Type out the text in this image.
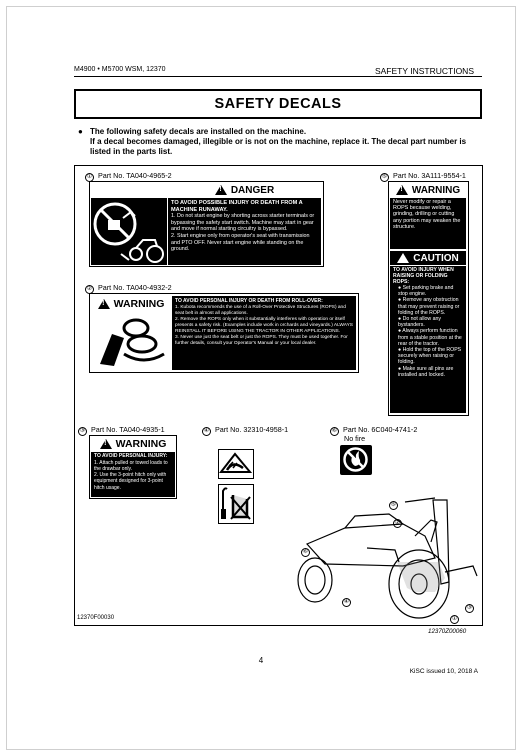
M4900 • M5700 WSM, 12370	SAFETY INSTRUCTIONS
SAFETY DECALS
● The following safety decals are installed on the machine.
If a decal becomes damaged, illegible or is not on the machine, replace it. The decal part number is listed in the parts list.
① Part No. TA040-4965-2
!
DANGER
TO AVOID POSSIBLE INJURY OR DEATH FROM A MACHINE RUNAWAY.
1. Do not start engine by shorting across starter terminals or bypassing the safety start switch. Machine may start in gear and move if normal starting circuitry is bypassed.
2. Start engine only from operator's seat with transmission and PTO OFF. Never start engine while standing on the ground.
② Part No. TA040-4932-2
!
WARNING TO AVOID PERSONAL INJURY OR DEATH FROM ROLL-OVER:
1. Kubota recommends the use of a Roll-Over Protective Structures (ROPS) and seat belt in almost all applications.
2. Remove the ROPS only when it substantially interferes with operation or itself presents a safety risk. (Examples include work in orchards and vineyards.) ALWAYS REINSTALL IT BEFORE USING THE TRACTOR IN OTHER APPLICATIONS.
3. Never use just the seat belt or just the ROPS. They must be used together. For further details, consult your Operator's Manual or your local dealer.
③ Part No. TA040-4935-1
!
WARNING
TO AVOID PERSONAL INJURY:
1. Attach pulled or towed loads to the drawbar only.
2. Use the 3-point hitch only with equipment designed for 3-point hitch usage.
④ Part No. 32310-4958-1	⑥ Part No. 6C040-4741-2
No fire
⑤ Part No. 3A111-9554-1
!
WARNING
Never modify or repair a ROPS because welding, grinding, drilling or cutting any portion may weaken the structure.
!
CAUTION
TO AVOID INJURY WHEN RAISING OR FOLDING ROPS:
● Set parking brake and stop engine.
● Remove any obstruction that may prevent raising or folding of the ROPS.
● Do not allow any bystanders.
● Always perform function from a stable position at the rear of the tractor.
● Hold the top of the ROPS securely when raising or folding.
● Make sure all pins are installed and locked.
⑤
②
⑥
④
③
①
12370F00030
12370Z00060
4
KiSC issued 10, 2018 A
